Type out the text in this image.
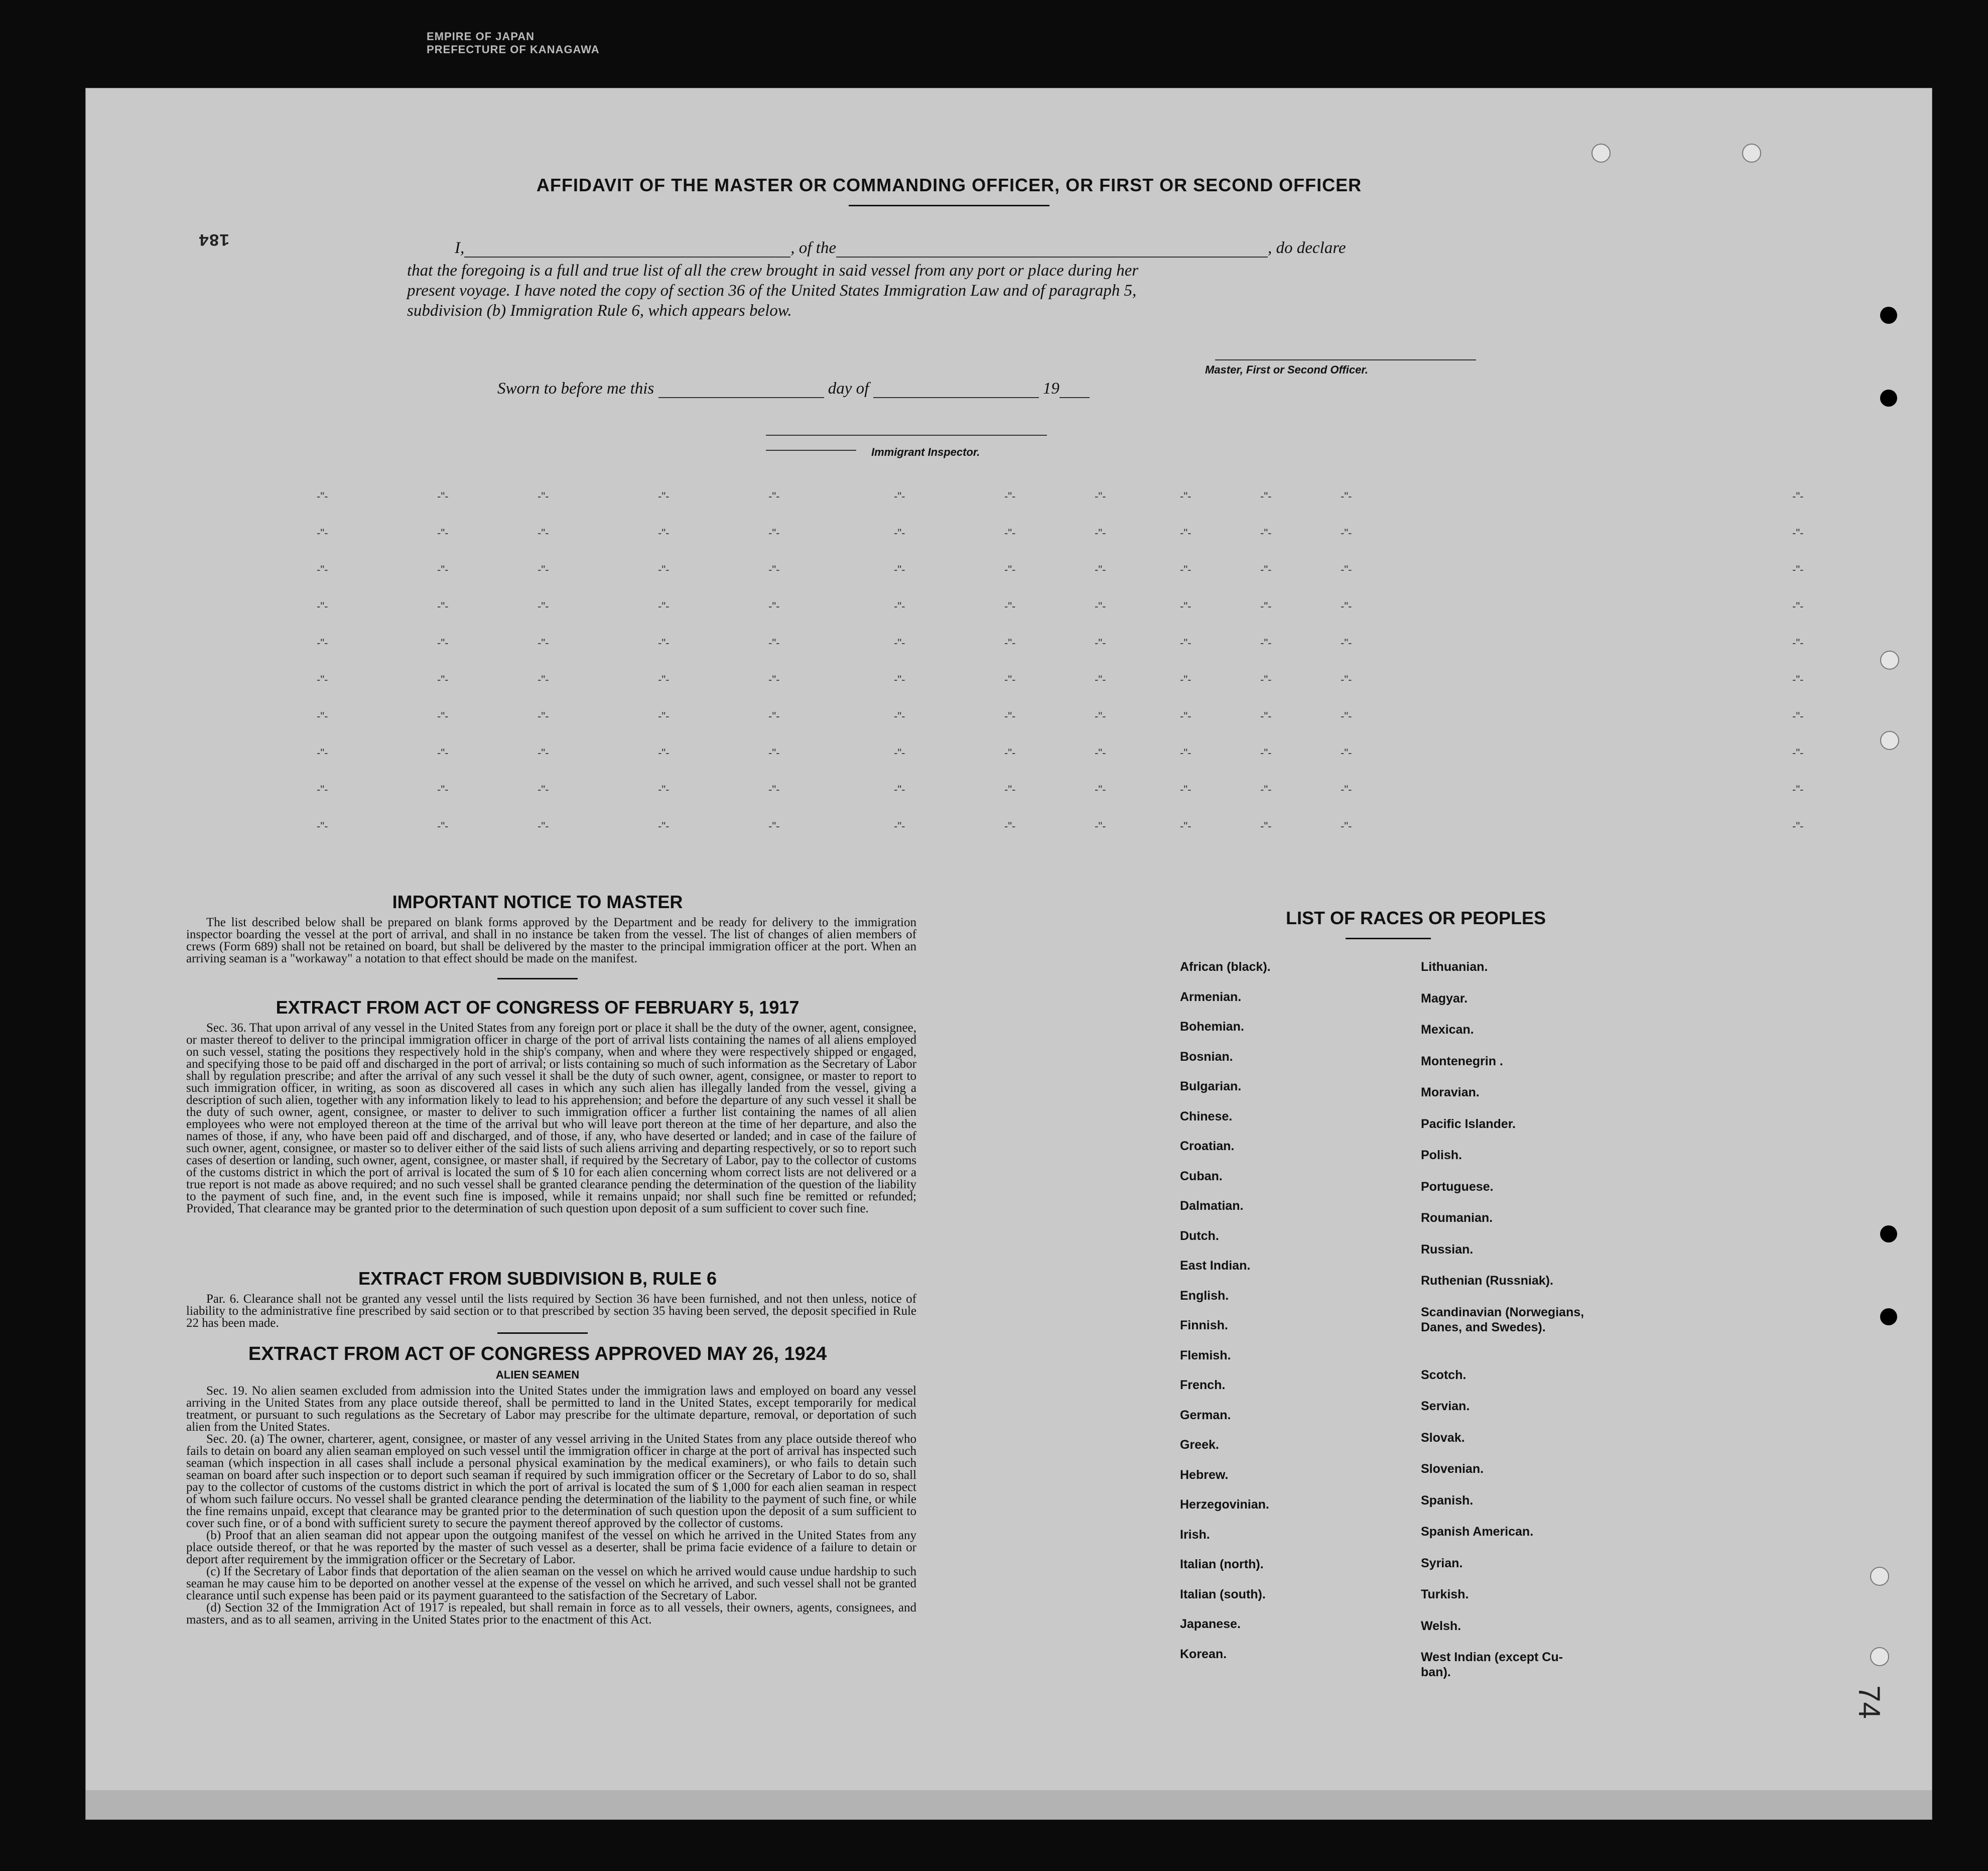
EMPIRE OF JAPAN
PREFECTURE OF KANAGAWA
184
AFFIDAVIT OF THE MASTER OR COMMANDING OFFICER, OR FIRST OR SECOND OFFICER
I,	, of the	, do declare
that the foregoing is a full and true list of all the crew brought in said vessel from any port or place during her
present voyage. I have noted the copy of section 36 of the United States Immigration Law and of paragraph 5,
subdivision (b) Immigration Rule 6, which appears below.
Master, First or Second Officer.
Sworn to before me this	day of	19
Immigrant Inspector.
-"-	-"-	-"-	-"-	-"-	-"-	-"-	-"-	-"-	-"-	-"-	-"-
-"-	-"-	-"-	-"-	-"-	-"-	-"-	-"-	-"-	-"-	-"-	-"-
-"-	-"-	-"-	-"-	-"-	-"-	-"-	-"-	-"-	-"-	-"-	-"-
-"-	-"-	-"-	-"-	-"-	-"-	-"-	-"-	-"-	-"-	-"-	-"-
-"-	-"-	-"-	-"-	-"-	-"-	-"-	-"-	-"-	-"-	-"-	-"-
-"-	-"-	-"-	-"-	-"-	-"-	-"-	-"-	-"-	-"-	-"-	-"-
-"-	-"-	-"-	-"-	-"-	-"-	-"-	-"-	-"-	-"-	-"-	-"-
-"-	-"-	-"-	-"-	-"-	-"-	-"-	-"-	-"-	-"-	-"-	-"-
-"-	-"-	-"-	-"-	-"-	-"-	-"-	-"-	-"-	-"-	-"-	-"-
-"-	-"-	-"-	-"-	-"-	-"-	-"-	-"-	-"-	-"-	-"-	-"-
IMPORTANT NOTICE TO MASTER

The list described below shall be prepared on blank forms approved by the Department and be ready for delivery to the immigration inspector boarding the vessel at the port of arrival, and shall in no instance be taken from the vessel. The list of changes of alien members of crews (Form 689) shall not be retained on board, but shall be delivered by the master to the principal immigration officer at the port. When an arriving seaman is a "workaway" a notation to that effect should be made on the manifest.

EXTRACT FROM ACT OF CONGRESS OF FEBRUARY 5, 1917

Sec. 36. That upon arrival of any vessel in the United States from any foreign port or place it shall be the duty of the owner, agent, consignee, or master thereof to deliver to the principal immigration officer in charge of the port of arrival lists containing the names of all aliens employed on such vessel, stating the positions they respectively hold in the ship's company, when and where they were respectively shipped or engaged, and specifying those to be paid off and discharged in the port of arrival; or lists containing so much of such information as the Secretary of Labor shall by regulation prescribe; and after the arrival of any such vessel it shall be the duty of such owner, agent, consignee, or master to report to such immigration officer, in writing, as soon as discovered all cases in which any such alien has illegally landed from the vessel, giving a description of such alien, together with any information likely to lead to his apprehension; and before the departure of any such vessel it shall be the duty of such owner, agent, consignee, or master to deliver to such immigration officer a further list containing the names of all alien employees who were not employed thereon at the time of the arrival but who will leave port thereon at the time of her departure, and also the names of those, if any, who have been paid off and discharged, and of those, if any, who have deserted or landed; and in case of the failure of such owner, agent, consignee, or master so to deliver either of the said lists of such aliens arriving and departing respectively, or so to report such cases of desertion or landing, such owner, agent, consignee, or master shall, if required by the Secretary of Labor, pay to the collector of customs of the customs district in which the port of arrival is located the sum of $ 10 for each alien concerning whom correct lists are not delivered or a true report is not made as above required; and no such vessel shall be granted clearance pending the determination of the question of the liability to the payment of such fine, and, in the event such fine is imposed, while it remains unpaid; nor shall such fine be remitted or refunded; Provided, That clearance may be granted prior to the determination of such question upon deposit of a sum sufficient to cover such fine.

EXTRACT FROM SUBDIVISION B, RULE 6

Par. 6. Clearance shall not be granted any vessel until the lists required by Section 36 have been furnished, and not then unless, notice of liability to the administrative fine prescribed by said section or to that prescribed by section 35 having been served, the deposit specified in Rule 22 has been made.

EXTRACT FROM ACT OF CONGRESS APPROVED MAY 26, 1924
ALIEN SEAMEN

Sec. 19. No alien seamen excluded from admission into the United States under the immigration laws and employed on board any vessel arriving in the United States from any place outside thereof, shall be permitted to land in the United States, except temporarily for medical treatment, or pursuant to such regulations as the Secretary of Labor may prescribe for the ultimate departure, removal, or deportation of such alien from the United States.

Sec. 20. (a) The owner, charterer, agent, consignee, or master of any vessel arriving in the United States from any place outside thereof who fails to detain on board any alien seaman employed on such vessel until the immigration officer in charge at the port of arrival has inspected such seaman (which inspection in all cases shall include a personal physical examination by the medical examiners), or who fails to detain such seaman on board after such inspection or to deport such seaman if required by such immigration officer or the Secretary of Labor to do so, shall pay to the collector of customs of the customs district in which the port of arrival is located the sum of $ 1,000 for each alien seaman in respect of whom such failure occurs. No vessel shall be granted clearance pending the determination of the liability to the payment of such fine, or while the fine remains unpaid, except that clearance may be granted prior to the determination of such question upon the deposit of a sum sufficient to cover such fine, or of a bond with sufficient surety to secure the payment thereof approved by the collector of customs.

(b) Proof that an alien seaman did not appear upon the outgoing manifest of the vessel on which he arrived in the United States from any place outside thereof, or that he was reported by the master of such vessel as a deserter, shall be prima facie evidence of a failure to detain or deport after requirement by the immigration officer or the Secretary of Labor.

(c) If the Secretary of Labor finds that deportation of the alien seaman on the vessel on which he arrived would cause undue hardship to such seaman he may cause him to be deported on another vessel at the expense of the vessel on which he arrived, and such vessel shall not be granted clearance until such expense has been paid or its payment guaranteed to the satisfaction of the Secretary of Labor.

(d) Section 32 of the Immigration Act of 1917 is repealed, but shall remain in force as to all vessels, their owners, agents, consignees, and masters, and as to all seamen, arriving in the United States prior to the enactment of this Act.

LIST OF RACES OR PEOPLES
African (black).
Armenian.
Bohemian.
Bosnian.
Bulgarian.
Chinese.
Croatian.
Cuban.
Dalmatian.
Dutch.
East Indian.
English.
Finnish.
Flemish.
French.
German.
Greek.
Hebrew.
Herzegovinian.
Irish.
Italian (north).
Italian (south).
Japanese.
Korean.
Lithuanian.
Magyar.
Mexican.
Montenegrin .
Moravian.
Pacific Islander.
Polish.
Portuguese.
Roumanian.
Russian.
Ruthenian (Russniak).
Scandinavian (Norwegians,
Danes, and Swedes).
Scotch.
Servian.
Slovak.
Slovenian.
Spanish.
Spanish American.
Syrian.
Turkish.
Welsh.
West Indian (except Cu-
ban).
74
